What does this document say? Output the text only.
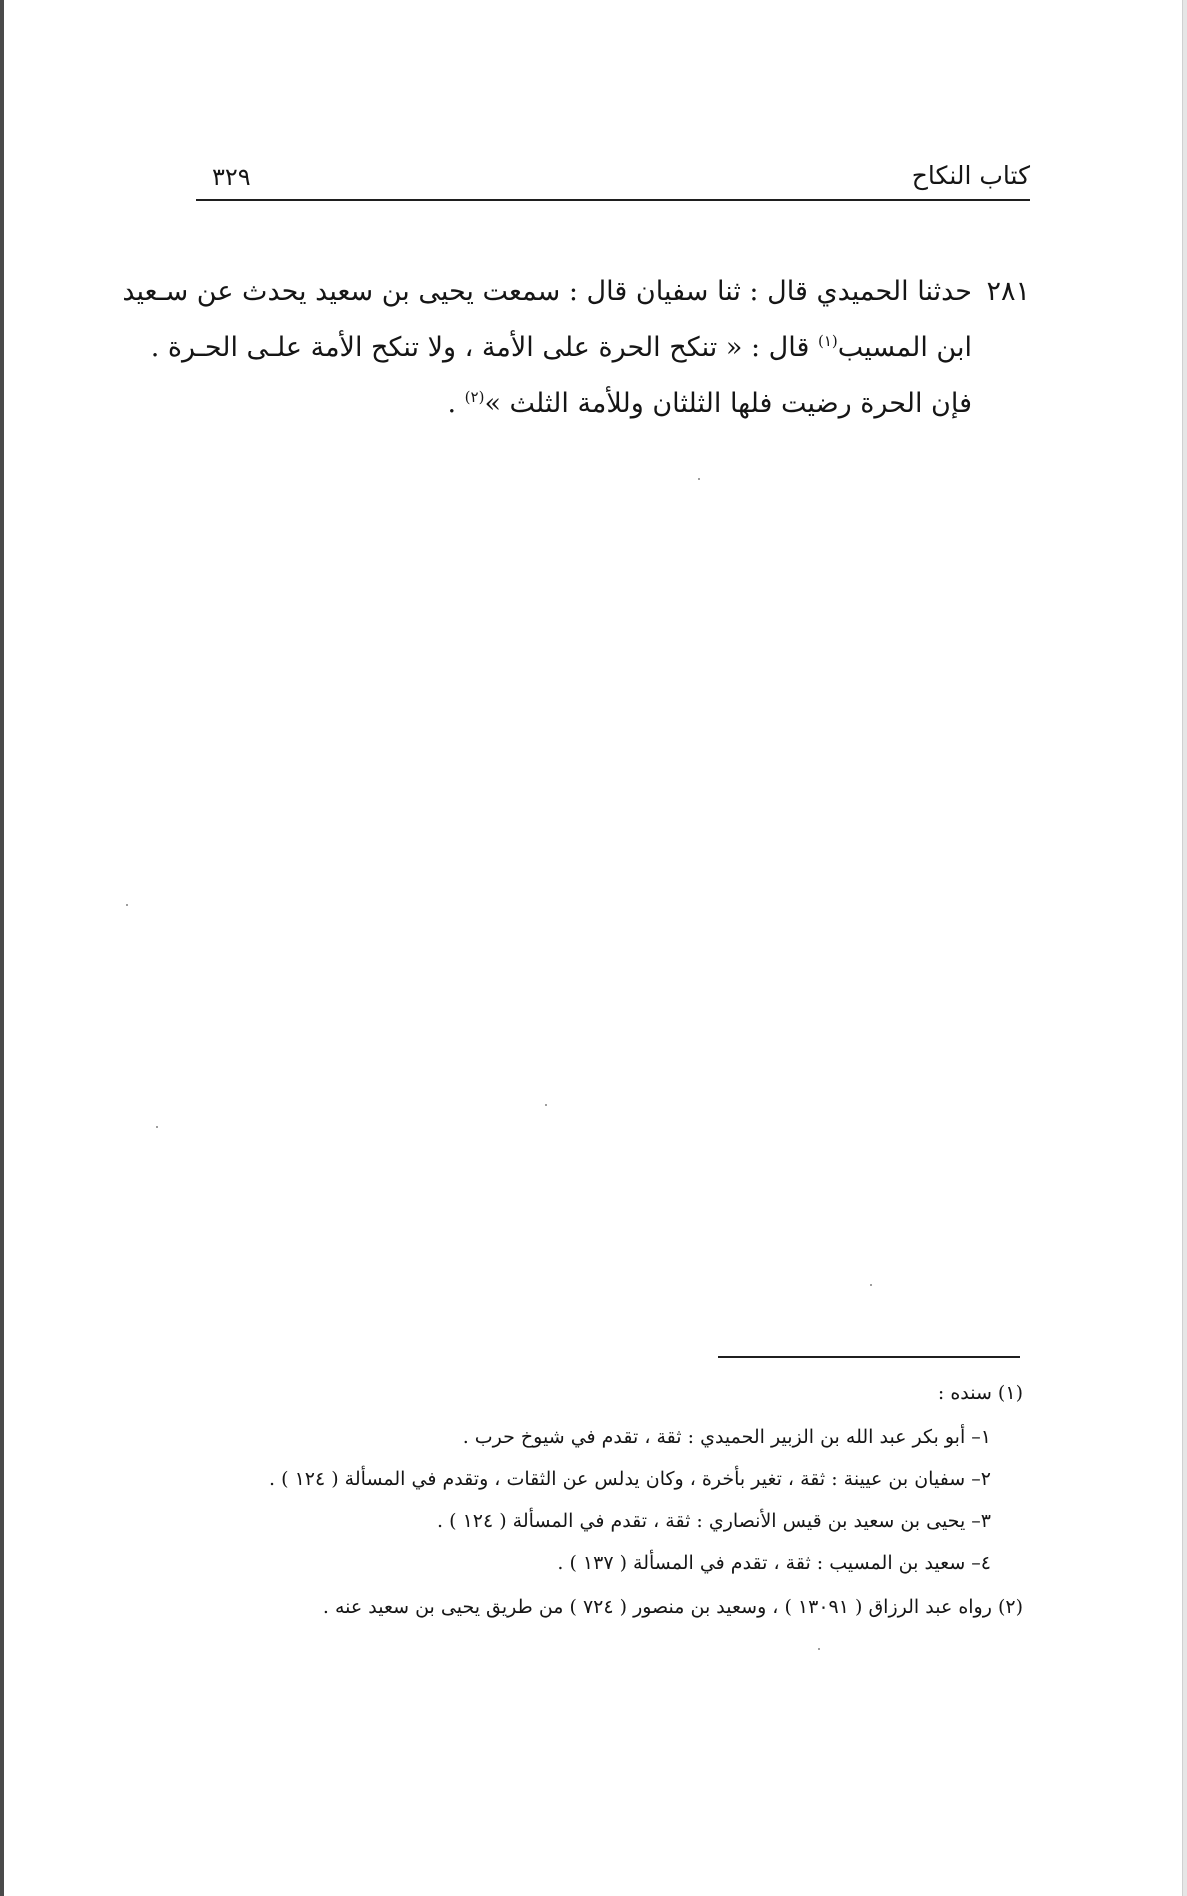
كتاب النكاح
٣٢٩
٢٨١
حدثنا الحميدي قال : ثنا سفيان قال : سمعت يحيى بن سعيد يحدث عن سـعيد
ابن المسيب$^{(١)}$ قال : « تنكح الحرة على الأمة ، ولا تنكح الأمة علـى الحـرة .
فإن الحرة رضيت فلها الثلثان وللأمة الثلث »$^{(٢)}$ .
(١) سنده :
١– أبو بكر عبد الله بن الزبير الحميدي : ثقة ، تقدم في شيوخ حرب .
٢– سفيان بن عيينة : ثقة ، تغير بأخرة ، وكان يدلس عن الثقات ، وتقدم في المسألة ( ١٢٤ ) .
٣– يحيى بن سعيد بن قيس الأنصاري : ثقة ، تقدم في المسألة ( ١٢٤ ) .
٤– سعيد بن المسيب : ثقة ، تقدم في المسألة ( ١٣٧ ) .
(٢) رواه عبد الرزاق ( ١٣٠٩١ ) ، وسعيد بن منصور ( ٧٢٤ ) من طريق يحيى بن سعيد عنه .
